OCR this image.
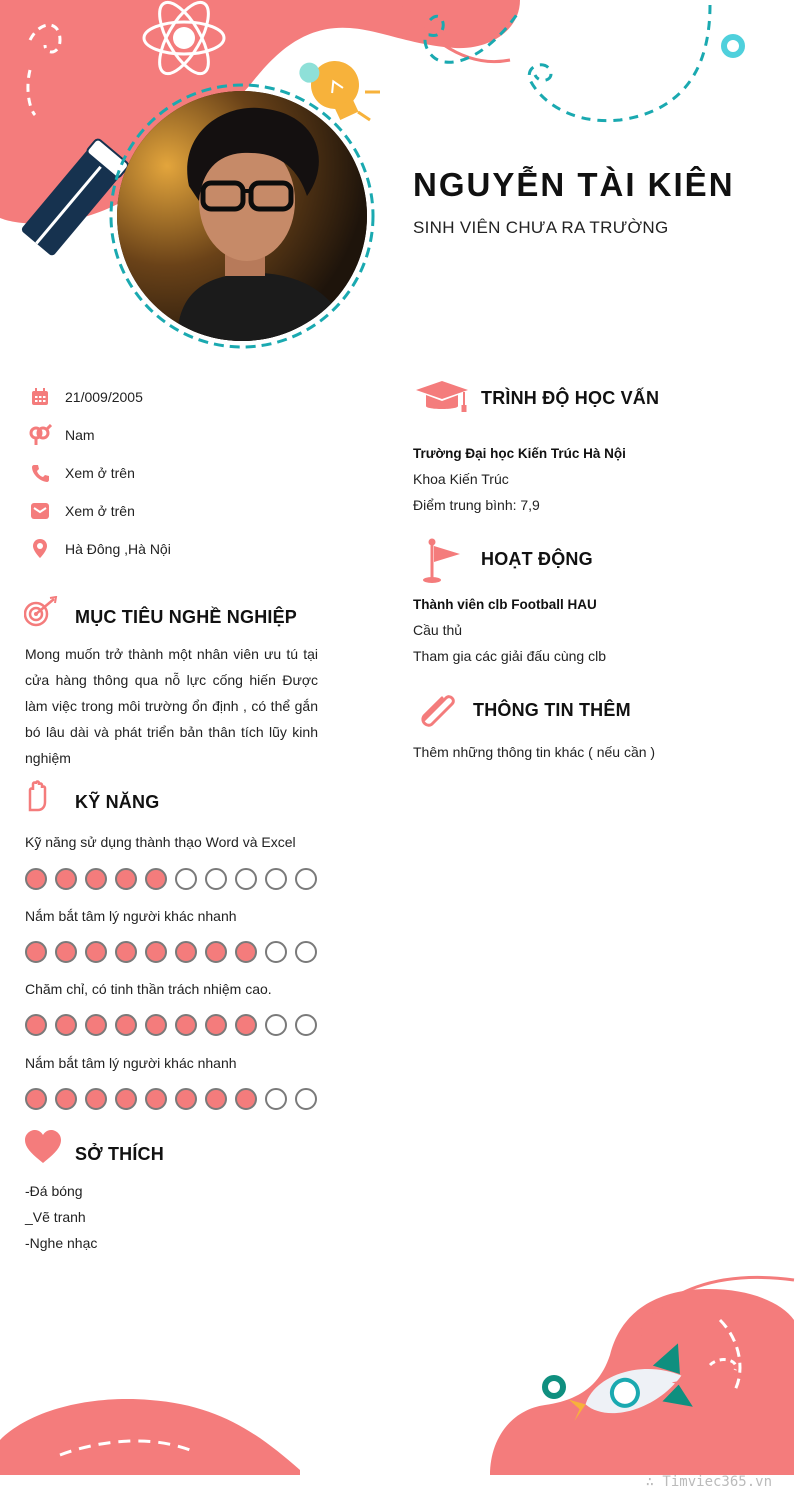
NGUYỄN TÀI KIÊN
SINH VIÊN CHƯA RA TRƯỜNG
21/009/2005
Nam
Xem ở trên
Xem ở trên
Hà Đông ,Hà Nội
MỤC TIÊU NGHỀ NGHIỆP
Mong muốn trở thành một nhân viên ưu tú tại cửa hàng thông qua nỗ lực cống hiến Được làm việc trong môi trường ổn định , có thể gắn bó lâu dài và phát triển bản thân tích lũy kinh nghiệm
KỸ NĂNG
Kỹ năng sử dụng thành thạo Word và Excel
Nắm bắt tâm lý người khác nhanh
Chăm chỉ, có tinh thần trách nhiệm cao.
Nắm bắt tâm lý người khác nhanh
SỞ THÍCH
-Đá bóng
_Vẽ tranh
-Nghe nhạc
TRÌNH ĐỘ HỌC VẤN
Trường Đại học Kiến Trúc Hà Nội
Khoa Kiến Trúc
Điểm trung bình: 7,9
HOẠT ĐỘNG
Thành viên clb Football HAU
Cầu thủ
Tham gia các giải đấu cùng clb
THÔNG TIN THÊM
Thêm những thông tin khác ( nếu cần )
∴ Timviec365.vn
